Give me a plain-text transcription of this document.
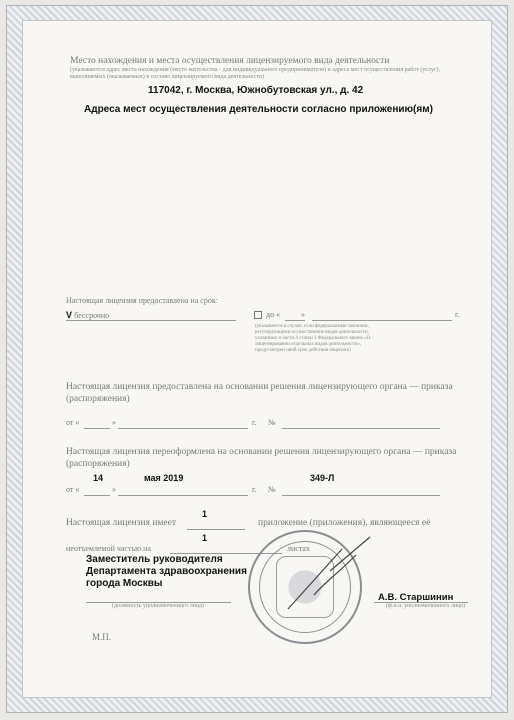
Место нахождения и места осуществления лицензируемого вида деятельности
(указываются адрес места нахождения (место жительства - для индивидуального предпринимателя) и адреса мест осуществления работ (услуг), выполняемых (оказываемых) в составе лицензируемого вида деятельности)
117042, г. Москва, Южнобутовская ул., д. 42
Адреса мест осуществления деятельности согласно приложению(ям)
Настоящая лицензия предоставлена на срок:
V бессрочно	до «	»	г.
(указывается в случае, если федеральными законами, регулирующими осуществление видов деятельности, указанных в части 4 статьи 1 Федерального закона «О лицензировании отдельных видов деятельности», предусмотрен иной срок действия лицензии)
Настоящая лицензия предоставлена на основании решения лицензирующего органа — приказа (распоряжения)
от «	»	г. №
Настоящая лицензия переоформлена на основании решения лицензирующего органа — приказа (распоряжения)
от «
14
»
мая 2019
г. №
349-Л
1
Настоящая лицензия имеет	приложение (приложения), являющееся её
1
неотъемлемой частью на	листах
Заместитель руководителя Департамента здравоохранения города Москвы
(должность уполномоченного лица)
А.В. Старшинин
(ф.и.о. уполномоченного лица)
М.П.
